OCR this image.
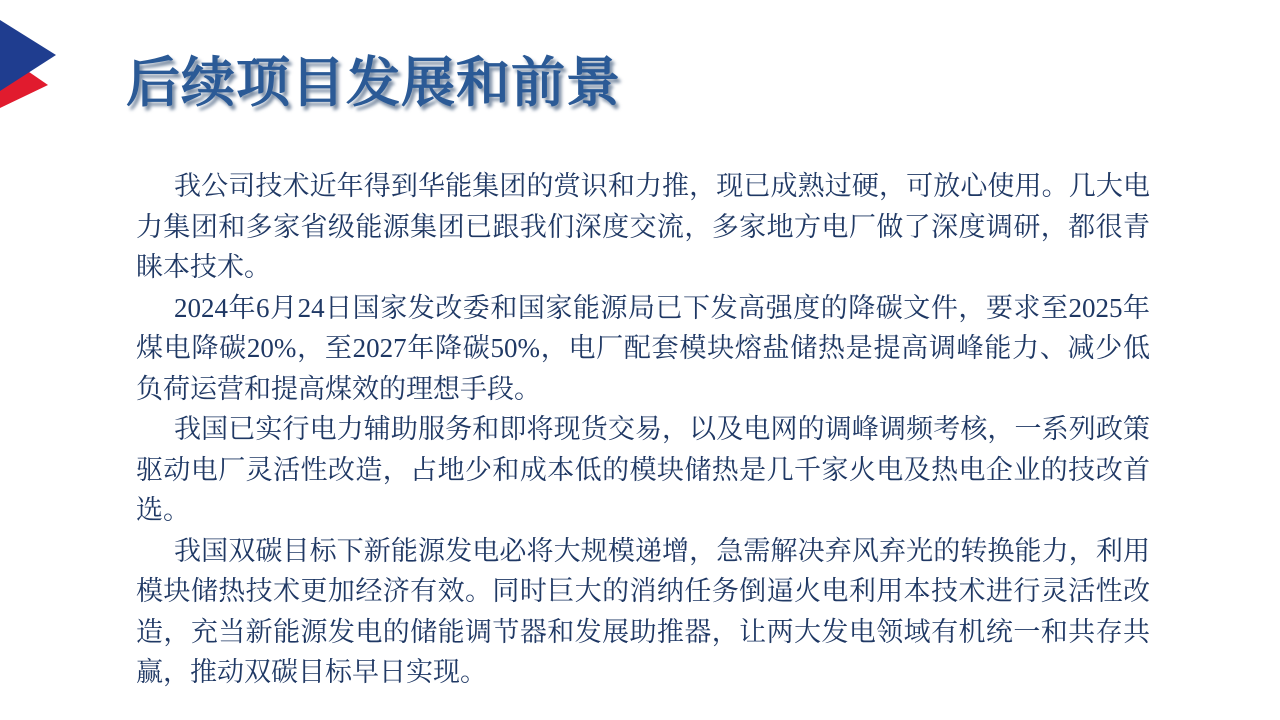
后续项目发展和前景

我公司技术近年得到华能集团的赏识和力推，现已成熟过硬，可放心使用。几大电力集团和多家省级能源集团已跟我们深度交流，多家地方电厂做了深度调研，都很青睐本技术。

2024年6月24日国家发改委和国家能源局已下发高强度的降碳文件，要求至2025年煤电降碳20%，至2027年降碳50%，电厂配套模块熔盐储热是提高调峰能力、减少低负荷运营和提高煤效的理想手段。

我国已实行电力辅助服务和即将现货交易，以及电网的调峰调频考核，一系列政策驱动电厂灵活性改造，占地少和成本低的模块储热是几千家火电及热电企业的技改首选。

我国双碳目标下新能源发电必将大规模递增，急需解决弃风弃光的转换能力，利用模块储热技术更加经济有效。同时巨大的消纳任务倒逼火电利用本技术进行灵活性改造，充当新能源发电的储能调节器和发展助推器，让两大发电领域有机统一和共存共赢，推动双碳目标早日实现。
